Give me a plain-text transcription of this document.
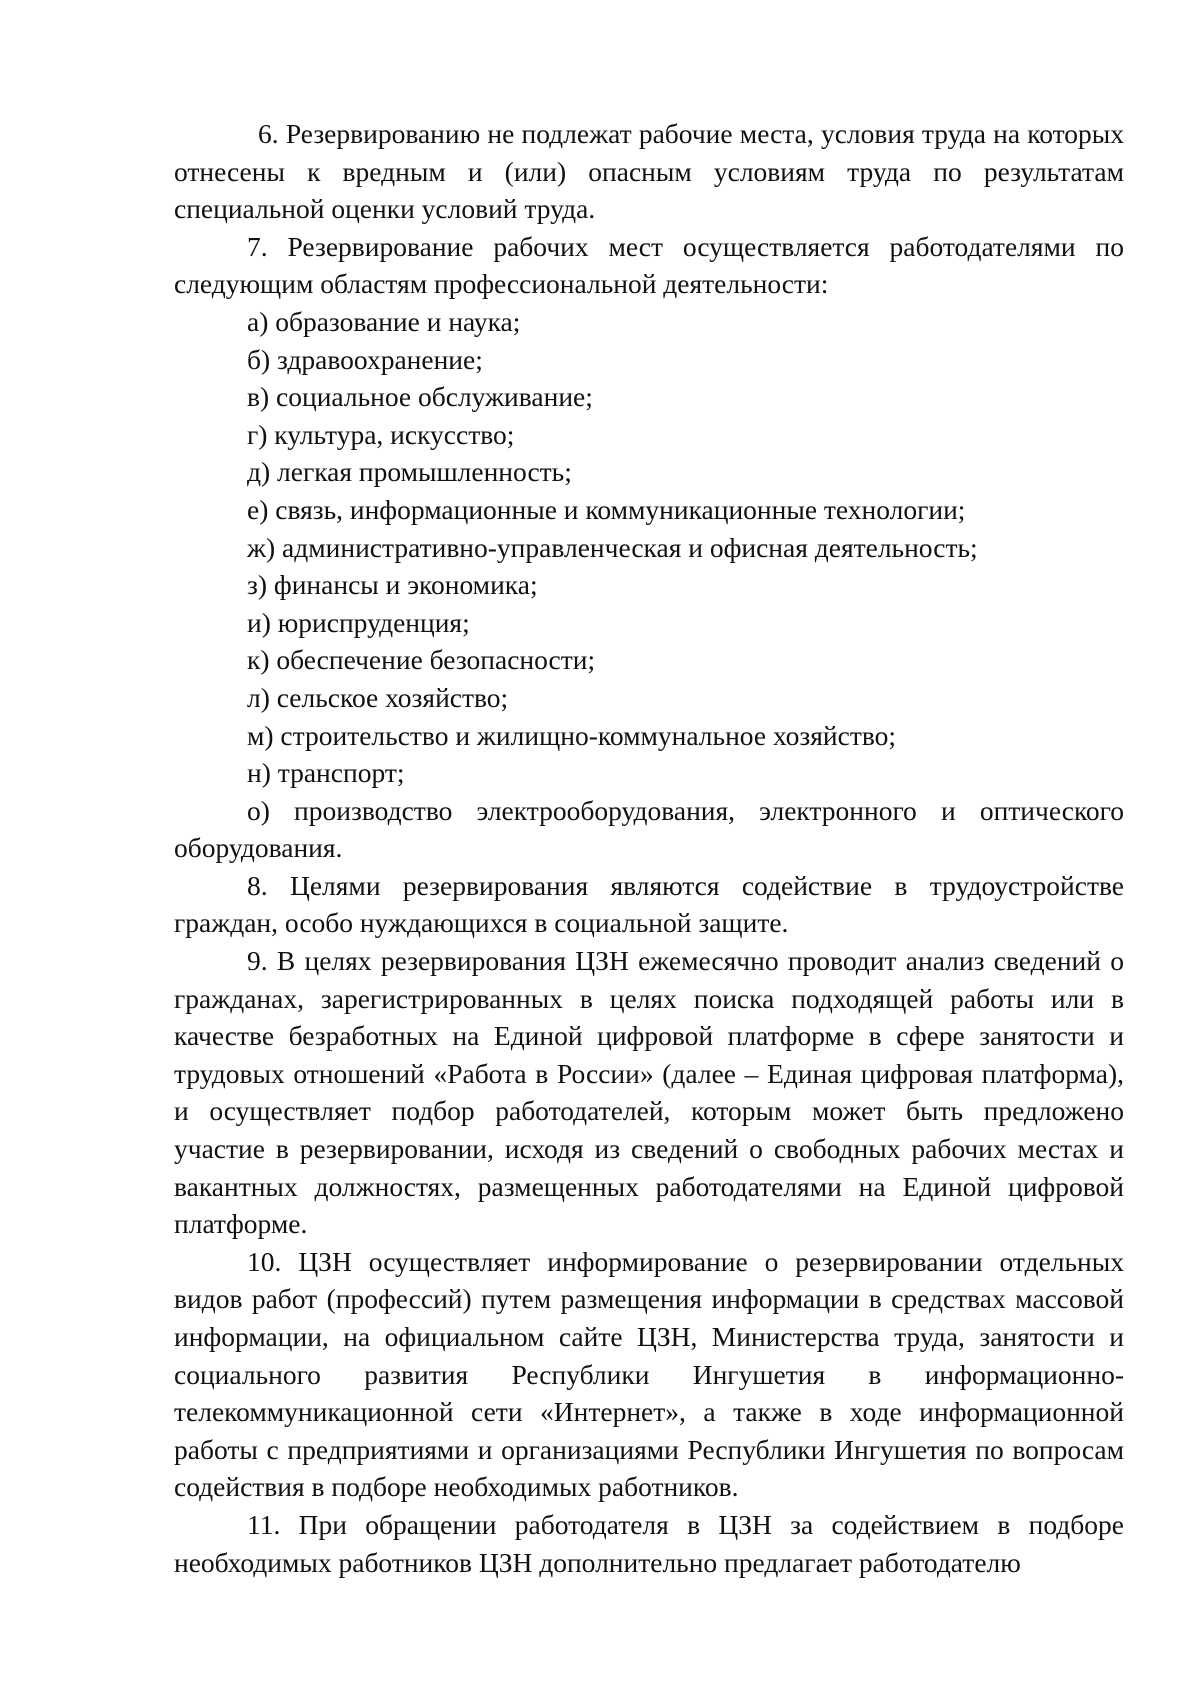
6. Резервированию не подлежат рабочие места, условия труда на которых отнесены к вредным и (или) опасным условиям труда по результатам специальной оценки условий труда.

7. Резервирование рабочих мест осуществляется работодателями по следующим областям профессиональной деятельности:

а) образование и наука;

б) здравоохранение;

в) социальное обслуживание;

г) культура, искусство;

д) легкая промышленность;

е) связь, информационные и коммуникационные технологии;

ж) административно-управленческая и офисная деятельность;

з) финансы и экономика;

и) юриспруденция;

к) обеспечение безопасности;

л) сельское хозяйство;

м) строительство и жилищно-коммунальное хозяйство;

н) транспорт;

о) производство электрооборудования, электронного и оптического оборудования.

8. Целями резервирования являются содействие в трудоустройстве граждан, особо нуждающихся в социальной защите.

9. В целях резервирования ЦЗН ежемесячно проводит анализ сведений о гражданах, зарегистрированных в целях поиска подходящей работы или в качестве безработных на Единой цифровой платформе в сфере занятости и трудовых отношений «Работа в России» (далее – Единая цифровая платформа), и осуществляет подбор работодателей, которым может быть предложено участие в резервировании, исходя из сведений о свободных рабочих местах и вакантных должностях, размещенных работодателями на Единой цифровой платформе.

10. ЦЗН осуществляет информирование о резервировании отдельных видов работ (профессий) путем размещения информации в средствах массовой информации, на официальном сайте ЦЗН, Министерства труда, занятости и социального развития Республики Ингушетия в информационно-телекоммуникационной сети «Интернет», а также в ходе информационной работы с предприятиями и организациями Республики Ингушетия по вопросам содействия в подборе необходимых работников.

11. При обращении работодателя в ЦЗН за содействием в подборе необходимых работников ЦЗН дополнительно предлагает работодателю
